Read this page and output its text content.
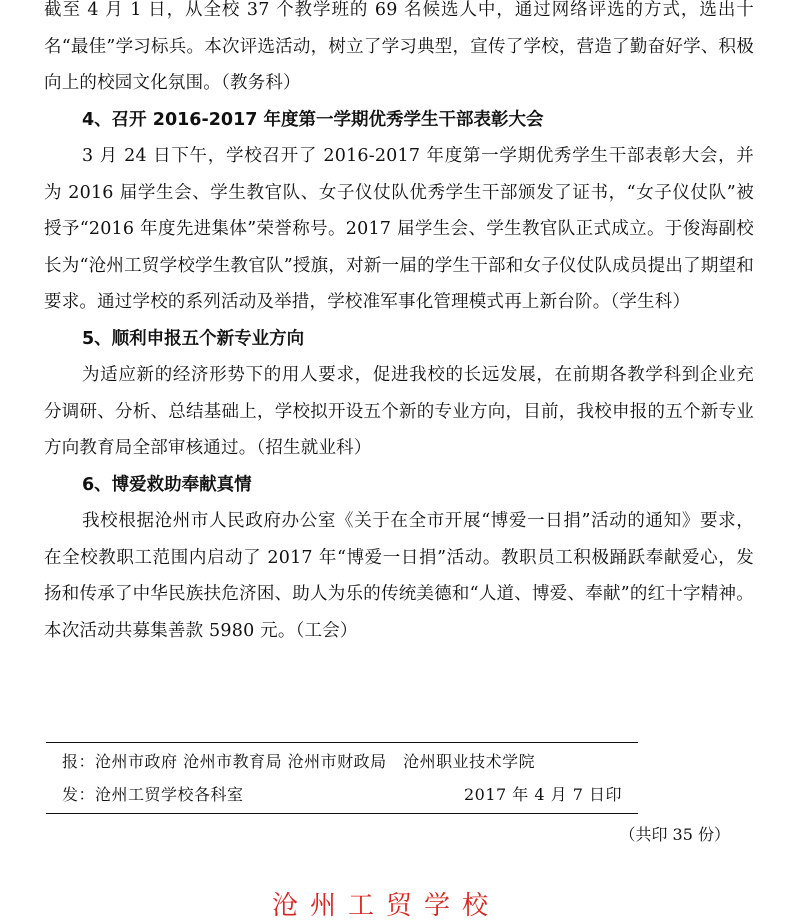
截至 4 月 1 日，从全校 37 个教学班的 69 名候选人中，通过网络评选的方式，选出十名“最佳”学习标兵。本次评选活动，树立了学习典型，宣传了学校，营造了勤奋好学、积极向上的校园文化氛围。（教务科）

4、召开 2016-2017 年度第一学期优秀学生干部表彰大会

3 月 24 日下午，学校召开了 2016-2017 年度第一学期优秀学生干部表彰大会，并为 2016 届学生会、学生教官队、女子仪仗队优秀学生干部颁发了证书，“女子仪仗队”被授予“2016 年度先进集体”荣誉称号。2017 届学生会、学生教官队正式成立。于俊海副校长为“沧州工贸学校学生教官队”授旗，对新一届的学生干部和女子仪仗队成员提出了期望和要求。通过学校的系列活动及举措，学校准军事化管理模式再上新台阶。（学生科）

5、顺利申报五个新专业方向

为适应新的经济形势下的用人要求，促进我校的长远发展，在前期各教学科到企业充分调研、分析、总结基础上，学校拟开设五个新的专业方向，目前，我校申报的五个新专业方向教育局全部审核通过。（招生就业科）

6、博爱救助奉献真情

我校根据沧州市人民政府办公室《关于在全市开展“博爱一日捐”活动的通知》要求，在全校教职工范围内启动了 2017 年“博爱一日捐”活动。教职员工积极踊跃奉献爱心，发扬和传承了中华民族扶危济困、助人为乐的传统美德和“人道、博爱、奉献”的红十字精神。本次活动共募集善款 5980 元。（工会）

报：沧州市政府 沧州市教育局 沧州市财政局　沧州职业技术学院
发：沧州工贸学校各科室	2017 年 4 月 7 日印
（共印 35 份）
沧州工贸学校
